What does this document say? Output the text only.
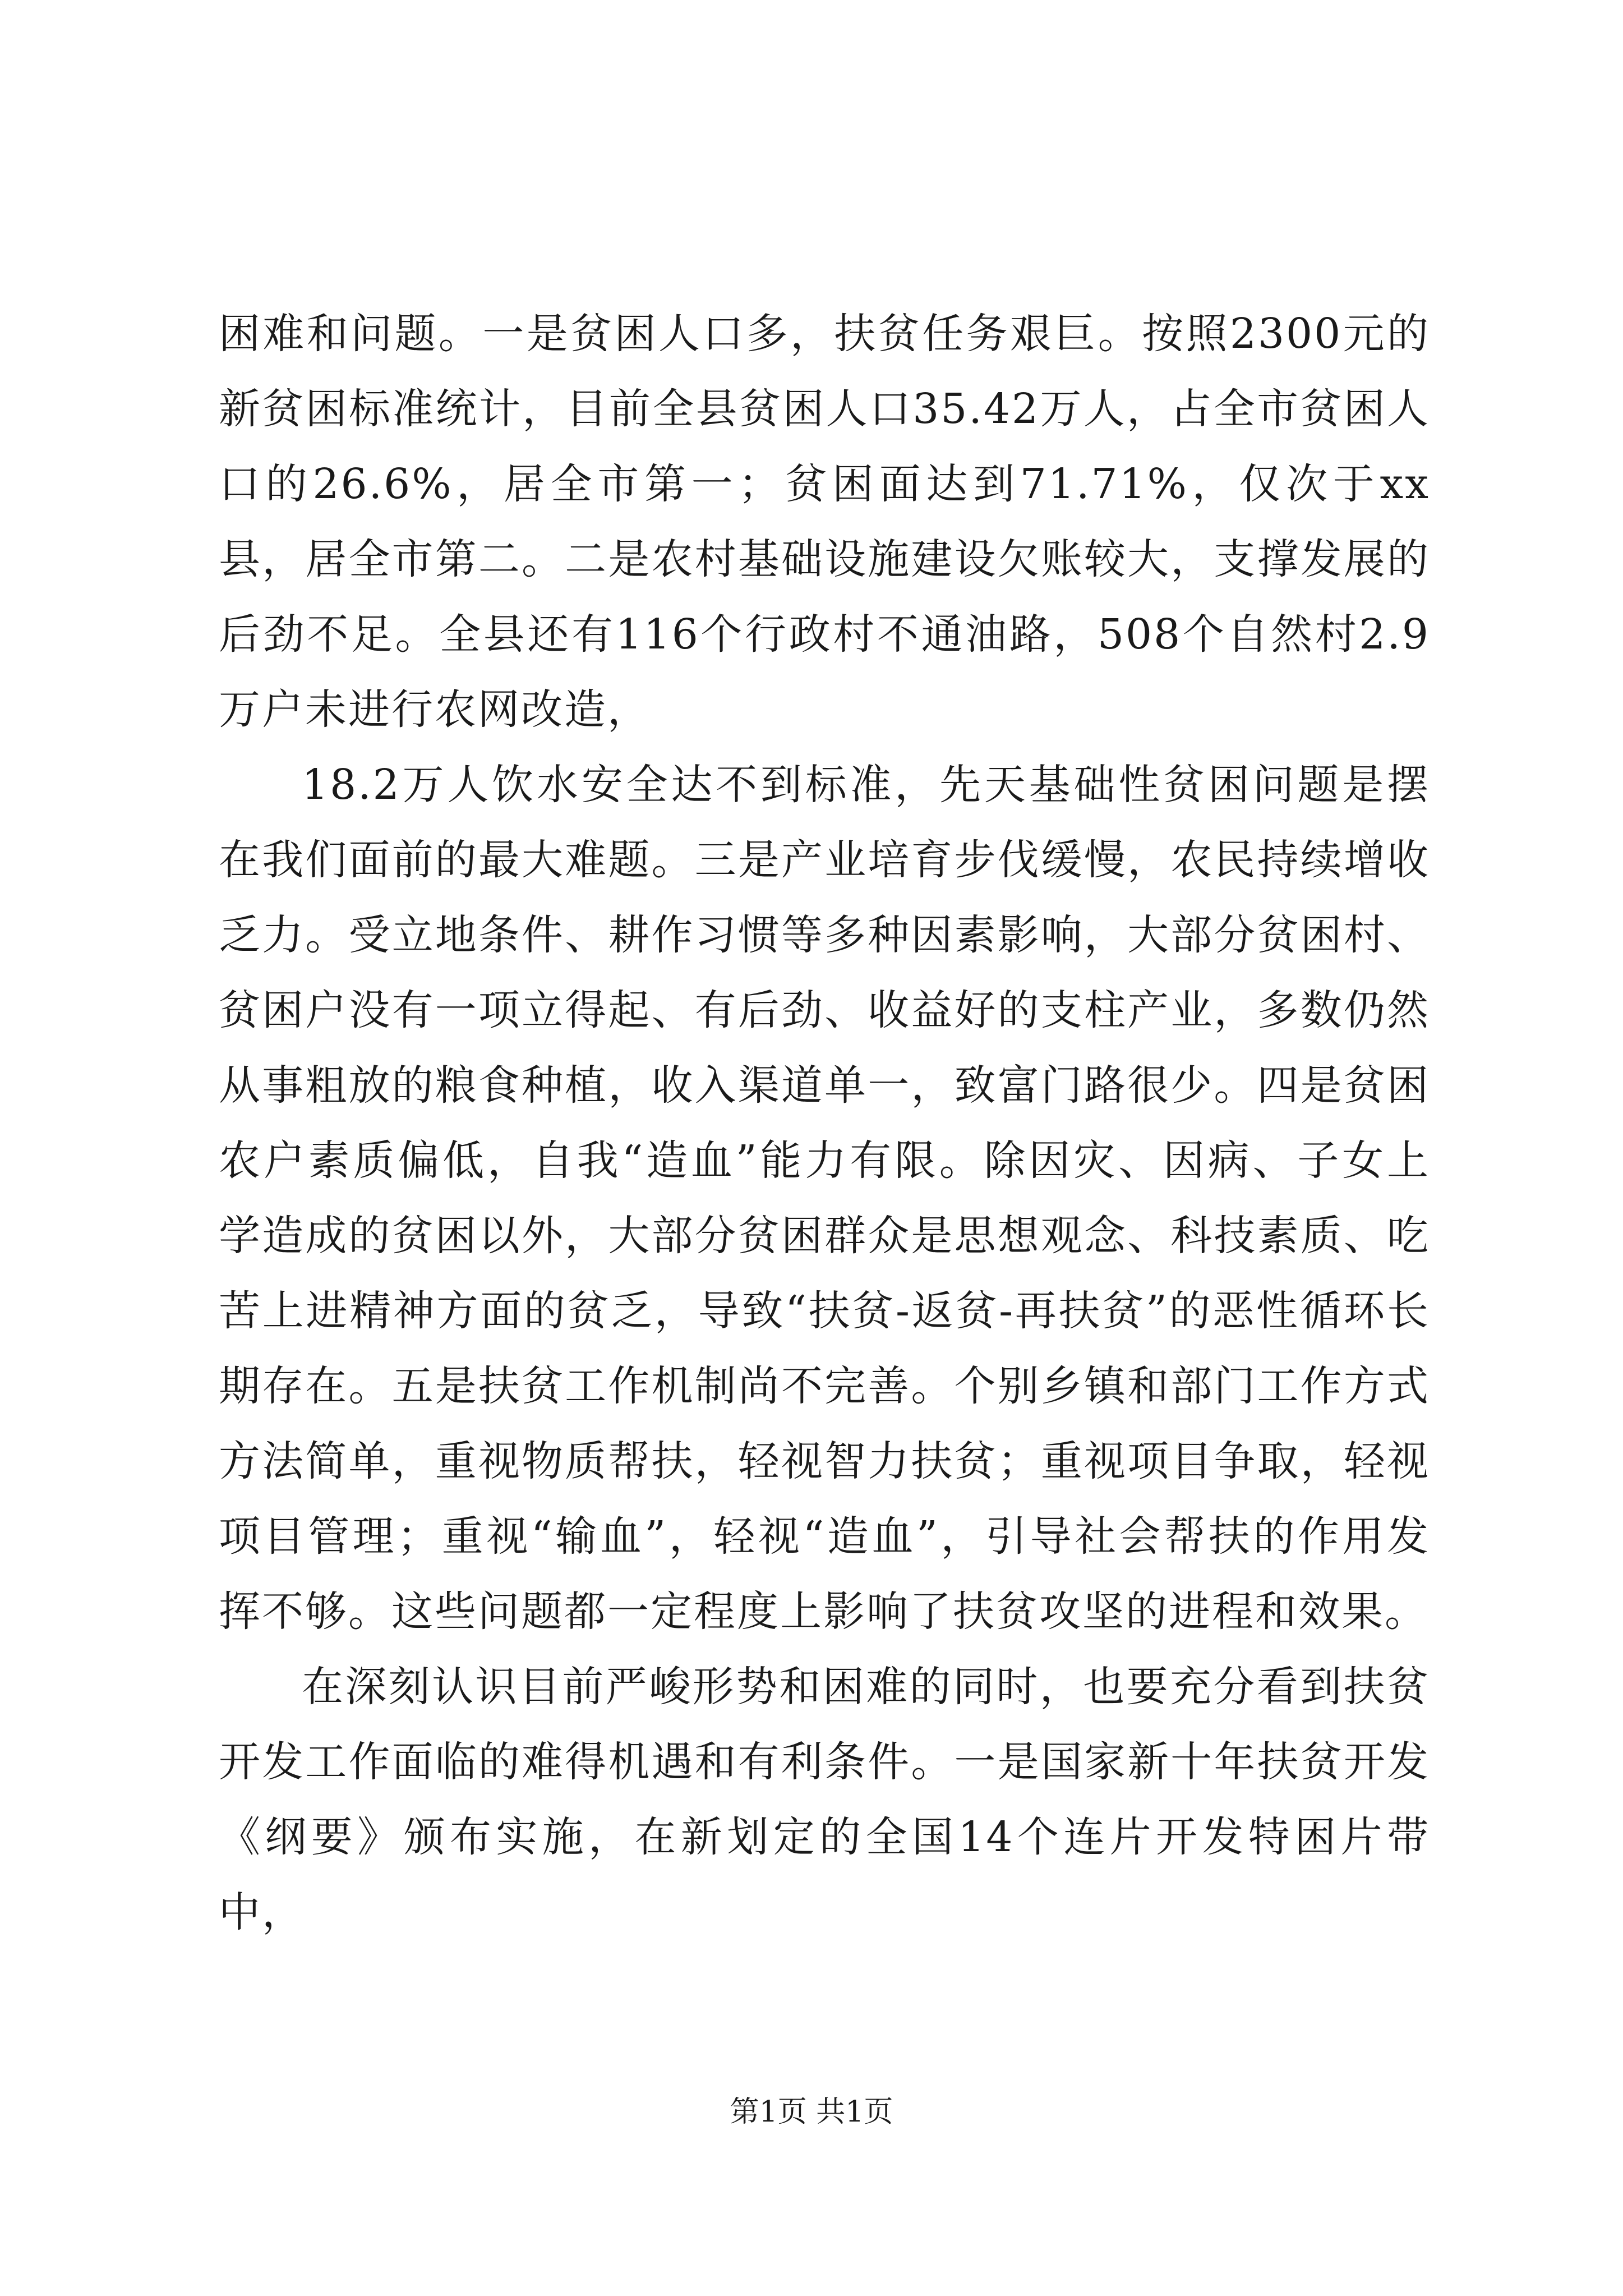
困难和问题。一是贫困人口多，扶贫任务艰巨。按照2300元的新贫困标准统计，目前全县贫困人口35.42万人，占全市贫困人口的26.6%，居全市第一；贫困面达到71.71%，仅次于xx县，居全市第二。二是农村基础设施建设欠账较大，支撑发展的后劲不足。全县还有116个行政村不通油路，508个自然村2.9万户未进行农网改造，

18.2万人饮水安全达不到标准，先天基础性贫困问题是摆在我们面前的最大难题。三是产业培育步伐缓慢，农民持续增收乏力。受立地条件、耕作习惯等多种因素影响，大部分贫困村、贫困户没有一项立得起、有后劲、收益好的支柱产业，多数仍然从事粗放的粮食种植，收入渠道单一，致富门路很少。四是贫困农户素质偏低，自我“造血”能力有限。除因灾、因病、子女上学造成的贫困以外，大部分贫困群众是思想观念、科技素质、吃苦上进精神方面的贫乏，导致“扶贫-返贫-再扶贫”的恶性循环长期存在。五是扶贫工作机制尚不完善。个别乡镇和部门工作方式方法简单，重视物质帮扶，轻视智力扶贫；重视项目争取，轻视项目管理；重视“输血”，轻视“造血”，引导社会帮扶的作用发挥不够。这些问题都一定程度上影响了扶贫攻坚的进程和效果。

在深刻认识目前严峻形势和困难的同时，也要充分看到扶贫开发工作面临的难得机遇和有利条件。一是国家新十年扶贫开发《纲要》颁布实施，在新划定的全国14个连片开发特困片带中，

第1页 共1页
